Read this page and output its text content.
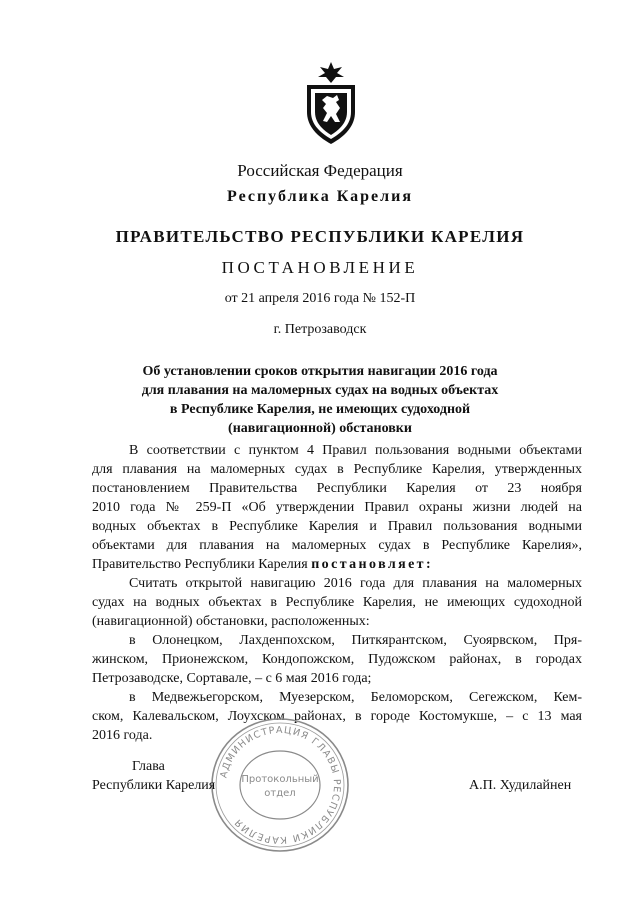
Российская Федерация
Республика Карелия
ПРАВИТЕЛЬСТВО РЕСПУБЛИКИ КАРЕЛИЯ
ПОСТАНОВЛЕНИЕ
от 21 апреля 2016 года № 152-П
г. Петрозаводск
Об установлении сроков открытия навигации 2016 года
для плавания на маломерных судах на водных объектах
в Республике Карелия, не имеющих судоходной
(навигационной) обстановки
В соответствии с пунктом 4 Правил пользования водными объектами
для плавания на маломерных судах в Республике Карелия, утвержденных
постановлением Правительства Республики Карелия от 23 ноября
2010 года № 259-П «Об утверждении Правил охраны жизни людей на
водных объектах в Республике Карелия и Правил пользования водными
объектами для плавания на маломерных судах в Республике Карелия»,
Правительство Республики Карелия постановляет:
Считать открытой навигацию 2016 года для плавания на маломерных
судах на водных объектах в Республике Карелия, не имеющих судоходной
(навигационной) обстановки, расположенных:
в Олонецком, Лахденпохском, Питкярантском, Суоярвском, Пря-
жинском, Прионежском, Кондопожском, Пудожском районах, в городах
Петрозаводске, Сортавале, – с 6 мая 2016 года;
в Медвежьегорском, Муезерском, Беломорском, Сегежском, Кем-
ском, Калевальском, Лоухском районах, в городе Костомукше, – с 13 мая
2016 года.
АДМИНИСТРАЦИЯ ГЛАВЫ РЕСПУБЛИКИ КАРЕЛИЯ
Протокольный
отдел
Глава
Республики Карелия	А.П. Худилайнен
